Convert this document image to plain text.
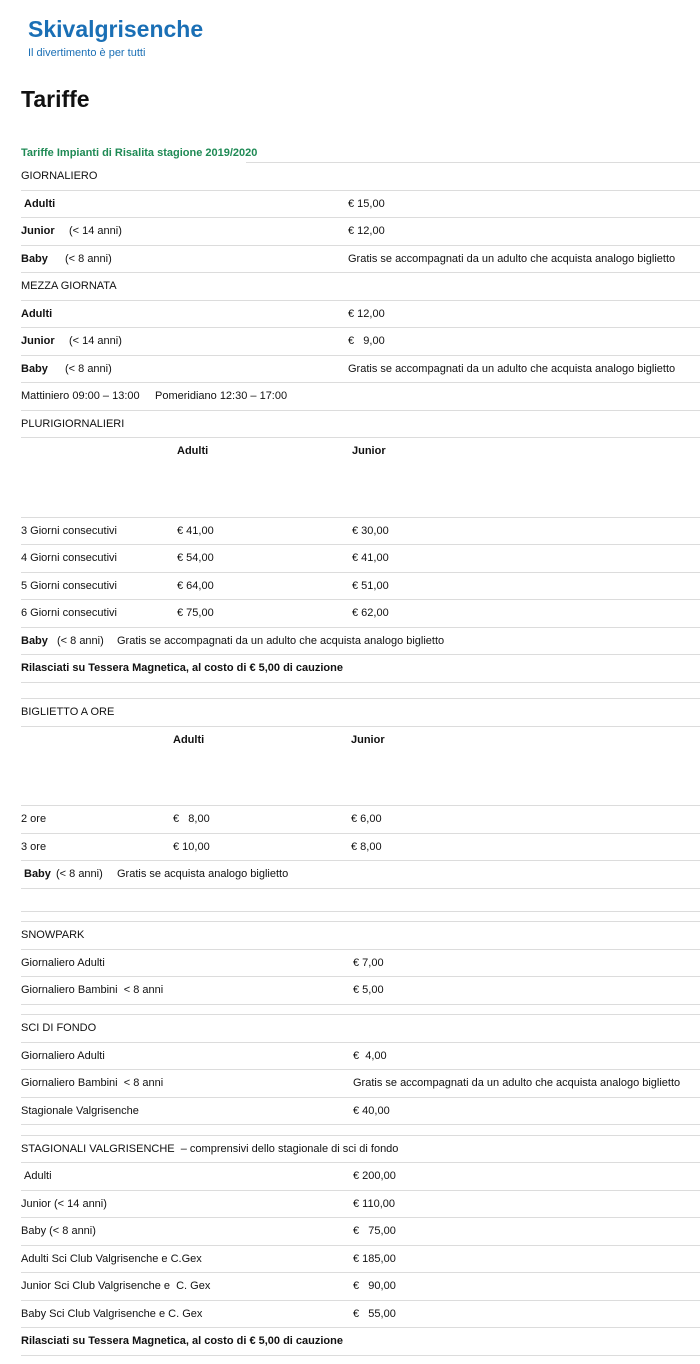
Skivalgrisenche
Il divertimento è per tutti
Tariffe
Tariffe Impianti di Risalita stagione 2019/2020
GIORNALIERO
Adulti	€ 15,00
Junior (< 14 anni)	€ 12,00
Baby (< 8 anni)	Gratis se accompagnati da un adulto che acquista analogo biglietto
MEZZA GIORNATA
Adulti	€ 12,00
Junior (< 14 anni)	€   9,00
Baby (< 8 anni)	Gratis se accompagnati da un adulto che acquista analogo biglietto
Mattiniero 09:00 – 13:00 Pomeridiano 12:30 – 17:00
PLURIGIORNALIERI
Adulti	Junior
3 Giorni consecutivi	€ 41,00	€ 30,00
4 Giorni consecutivi	€ 54,00	€ 41,00
5 Giorni consecutivi	€ 64,00	€ 51,00
6 Giorni consecutivi	€ 75,00	€ 62,00
Baby (< 8 anni) Gratis se accompagnati da un adulto che acquista analogo biglietto
Rilasciati su Tessera Magnetica, al costo di € 5,00 di cauzione
BIGLIETTO A ORE
Adulti	Junior
2 ore	€   8,00	€ 6,00
3 ore	€ 10,00	€ 8,00
Baby (< 8 anni) Gratis se acquista analogo biglietto
SNOWPARK
Giornaliero Adulti	€ 7,00
Giornaliero Bambini  < 8 anni	€ 5,00
SCI DI FONDO
Giornaliero Adulti	€  4,00
Giornaliero Bambini  < 8 anni	Gratis se accompagnati da un adulto che acquista analogo biglietto
Stagionale Valgrisenche	€ 40,00
STAGIONALI VALGRISENCHE  – comprensivi dello stagionale di sci di fondo
Adulti	€ 200,00
Junior (< 14 anni)	€ 110,00
Baby (< 8 anni)	€   75,00
Adulti Sci Club Valgrisenche e C.Gex	€ 185,00
Junior Sci Club Valgrisenche e  C. Gex	€   90,00
Baby Sci Club Valgrisenche e C. Gex	€   55,00
Rilasciati su Tessera Magnetica, al costo di € 5,00 di cauzione
